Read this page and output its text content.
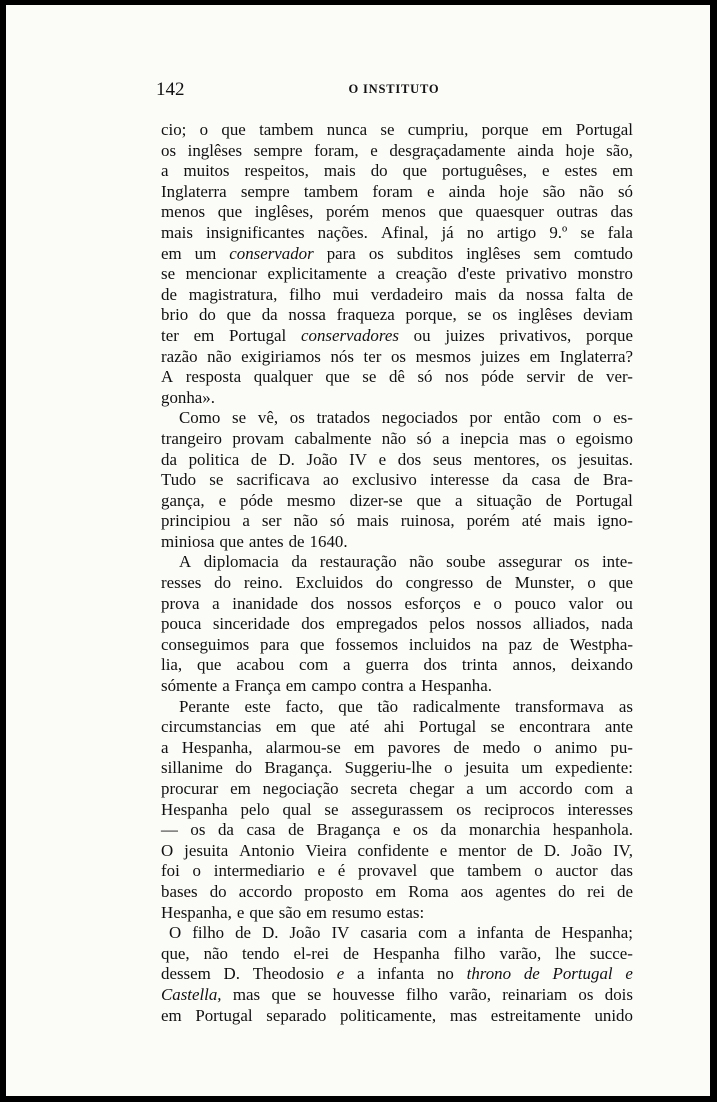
142	O INSTITUTO
cio; o que tambem nunca se cumpriu, porque em Portugal
os inglêses sempre foram, e desgraçadamente ainda hoje são,
a muitos respeitos, mais do que portuguêses, e estes em
Inglaterra sempre tambem foram e ainda hoje são não só
menos que inglêses, porém menos que quaesquer outras das
mais insignificantes nações. Afinal, já no artigo 9.º se fala
em um conservador para os subditos inglêses sem comtudo
se mencionar explicitamente a creação d'este privativo monstro
de magistratura, filho mui verdadeiro mais da nossa falta de
brio do que da nossa fraqueza porque, se os inglêses deviam
ter em Portugal conservadores ou juizes privativos, porque
razão não exigiriamos nós ter os mesmos juizes em Inglaterra?
A resposta qualquer que se dê só nos póde servir de ver-
gonha».
Como se vê, os tratados negociados por então com o es-
trangeiro provam cabalmente não só a inepcia mas o egoismo
da politica de D. João IV e dos seus mentores, os jesuitas.
Tudo se sacrificava ao exclusivo interesse da casa de Bra-
gança, e póde mesmo dizer-se que a situação de Portugal
principiou a ser não só mais ruinosa, porém até mais igno-
miniosa que antes de 1640.
A diplomacia da restauração não soube assegurar os inte-
resses do reino. Excluidos do congresso de Munster, o que
prova a inanidade dos nossos esforços e o pouco valor ou
pouca sinceridade dos empregados pelos nossos alliados, nada
conseguimos para que fossemos incluidos na paz de Westpha-
lia, que acabou com a guerra dos trinta annos, deixando
sómente a França em campo contra a Hespanha.
Perante este facto, que tão radicalmente transformava as
circumstancias em que até ahi Portugal se encontrara ante
a Hespanha, alarmou-se em pavores de medo o animo pu-
sillanime do Bragança. Suggeriu-lhe o jesuita um expediente:
procurar em negociação secreta chegar a um accordo com a
Hespanha pelo qual se assegurassem os reciprocos interesses
— os da casa de Bragança e os da monarchia hespanhola.
O jesuita Antonio Vieira confidente e mentor de D. João IV,
foi o intermediario e é provavel que tambem o auctor das
bases do accordo proposto em Roma aos agentes do rei de
Hespanha, e que são em resumo estas:
O filho de D. João IV casaria com a infanta de Hespanha;
que, não tendo el-rei de Hespanha filho varão, lhe succe-
dessem D. Theodosio e a infanta no throno de Portugal e
Castella, mas que se houvesse filho varão, reinariam os dois
em Portugal separado politicamente, mas estreitamente unido
